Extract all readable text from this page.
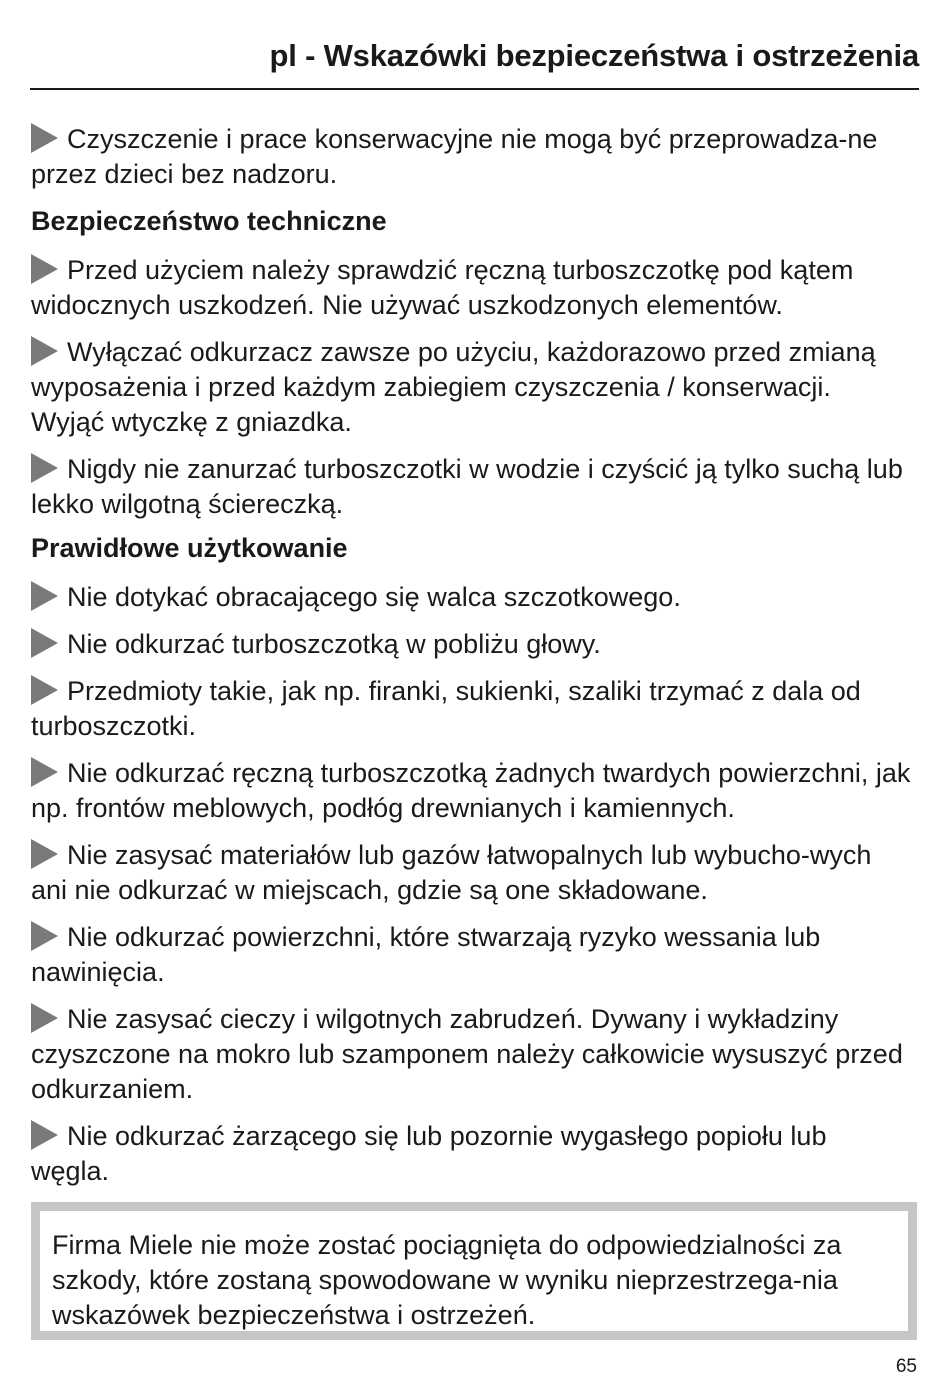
pl - Wskazówki bezpieczeństwa i ostrzeżenia

Czyszczenie i prace konserwacyjne nie mogą być przeprowadza-ne przez dzieci bez nadzoru.

Bezpieczeństwo techniczne

Przed użyciem należy sprawdzić ręczną turboszczotkę pod kątem widocznych uszkodzeń. Nie używać uszkodzonych elementów.

Wyłączać odkurzacz zawsze po użyciu, każdorazowo przed zmianą wyposażenia i przed każdym zabiegiem czyszczenia / konserwacji. Wyjąć wtyczkę z gniazdka.

Nigdy nie zanurzać turboszczotki w wodzie i czyścić ją tylko suchą lub lekko wilgotną ściereczką.

Prawidłowe użytkowanie

Nie dotykać obracającego się walca szczotkowego.

Nie odkurzać turboszczotką w pobliżu głowy.

Przedmioty takie, jak np. firanki, sukienki, szaliki trzymać z dala od turboszczotki.

Nie odkurzać ręczną turboszczotką żadnych twardych powierzchni, jak np. frontów meblowych, podłóg drewnianych i kamiennych.

Nie zasysać materiałów lub gazów łatwopalnych lub wybucho-wych ani nie odkurzać w miejscach, gdzie są one składowane.

Nie odkurzać powierzchni, które stwarzają ryzyko wessania lub nawinięcia.

Nie zasysać cieczy i wilgotnych zabrudzeń. Dywany i wykładziny czyszczone na mokro lub szamponem należy całkowicie wysuszyć przed odkurzaniem.

Nie odkurzać żarzącego się lub pozornie wygasłego popiołu lub węgla.

Firma Miele nie może zostać pociągnięta do odpowiedzialności za szkody, które zostaną spowodowane w wyniku nieprzestrzega-nia wskazówek bezpieczeństwa i ostrzeżeń.
65
